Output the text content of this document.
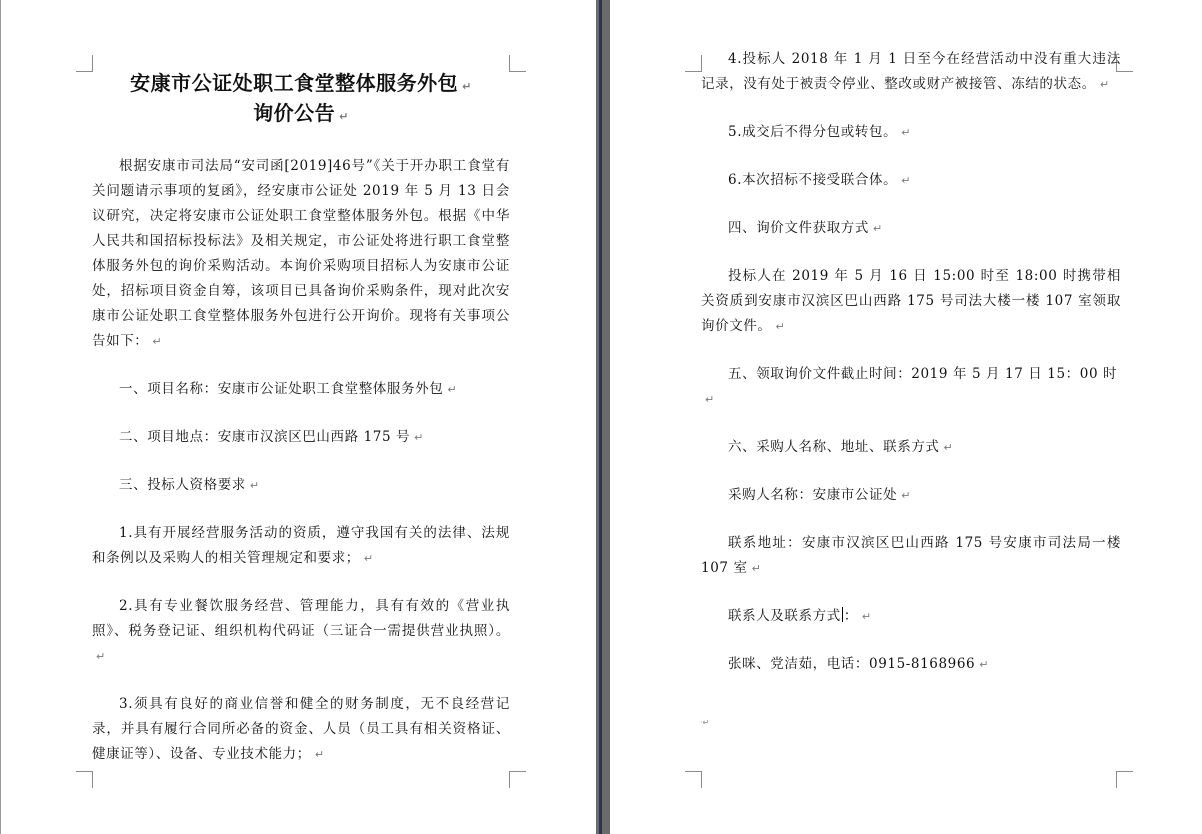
安康市公证处职工食堂整体服务外包 ↵
询价公告 ↵

根据安康市司法局“安司函[2019]46号”《关于开办职工食堂有关问题请示事项的复函》，经安康市公证处 2019 年 5 月 13 日会议研究，决定将安康市公证处职工食堂整体服务外包。根据《中华人民共和国招标投标法》及相关规定，市公证处将进行职工食堂整体服务外包的询价采购活动。本询价采购项目招标人为安康市公证处，招标项目资金自筹，该项目已具备询价采购条件，现对此次安康市公证处职工食堂整体服务外包进行公开询价。现将有关事项公告如下： ↵

一、项目名称：安康市公证处职工食堂整体服务外包 ↵

二、项目地点：安康市汉滨区巴山西路 175 号 ↵

三、投标人资格要求 ↵

1.具有开展经营服务活动的资质，遵守我国有关的法律、法规和条例以及采购人的相关管理规定和要求； ↵

2.具有专业餐饮服务经营、管理能力，具有有效的《营业执照》、税务登记证、组织机构代码证（三证合一需提供营业执照）。↵

3.须具有良好的商业信誉和健全的财务制度，无不良经营记录，并具有履行合同所必备的资金、人员（员工具有相关资格证、健康证等）、设备、专业技术能力； ↵

4.投标人 2018 年 1 月 1 日至今在经营活动中没有重大违法记录，没有处于被责令停业、整改或财产被接管、冻结的状态。 ↵

5.成交后不得分包或转包。 ↵

6.本次招标不接受联合体。 ↵

四、询价文件获取方式 ↵

投标人在 2019 年 5 月 16 日 15:00 时至 18:00 时携带相关资质到安康市汉滨区巴山西路 175 号司法大楼一楼 107 室领取询价文件。 ↵

五、领取询价文件截止时间：2019 年 5 月 17 日 15：00 时↵

六、采购人名称、地址、联系方式 ↵

采购人名称：安康市公证处 ↵

联系地址：安康市汉滨区巴山西路 175 号安康市司法局一楼 107 室 ↵

联系人及联系方式 ： ↵

张咪、党洁茹，电话：0915-8168966 ↵

·↵
